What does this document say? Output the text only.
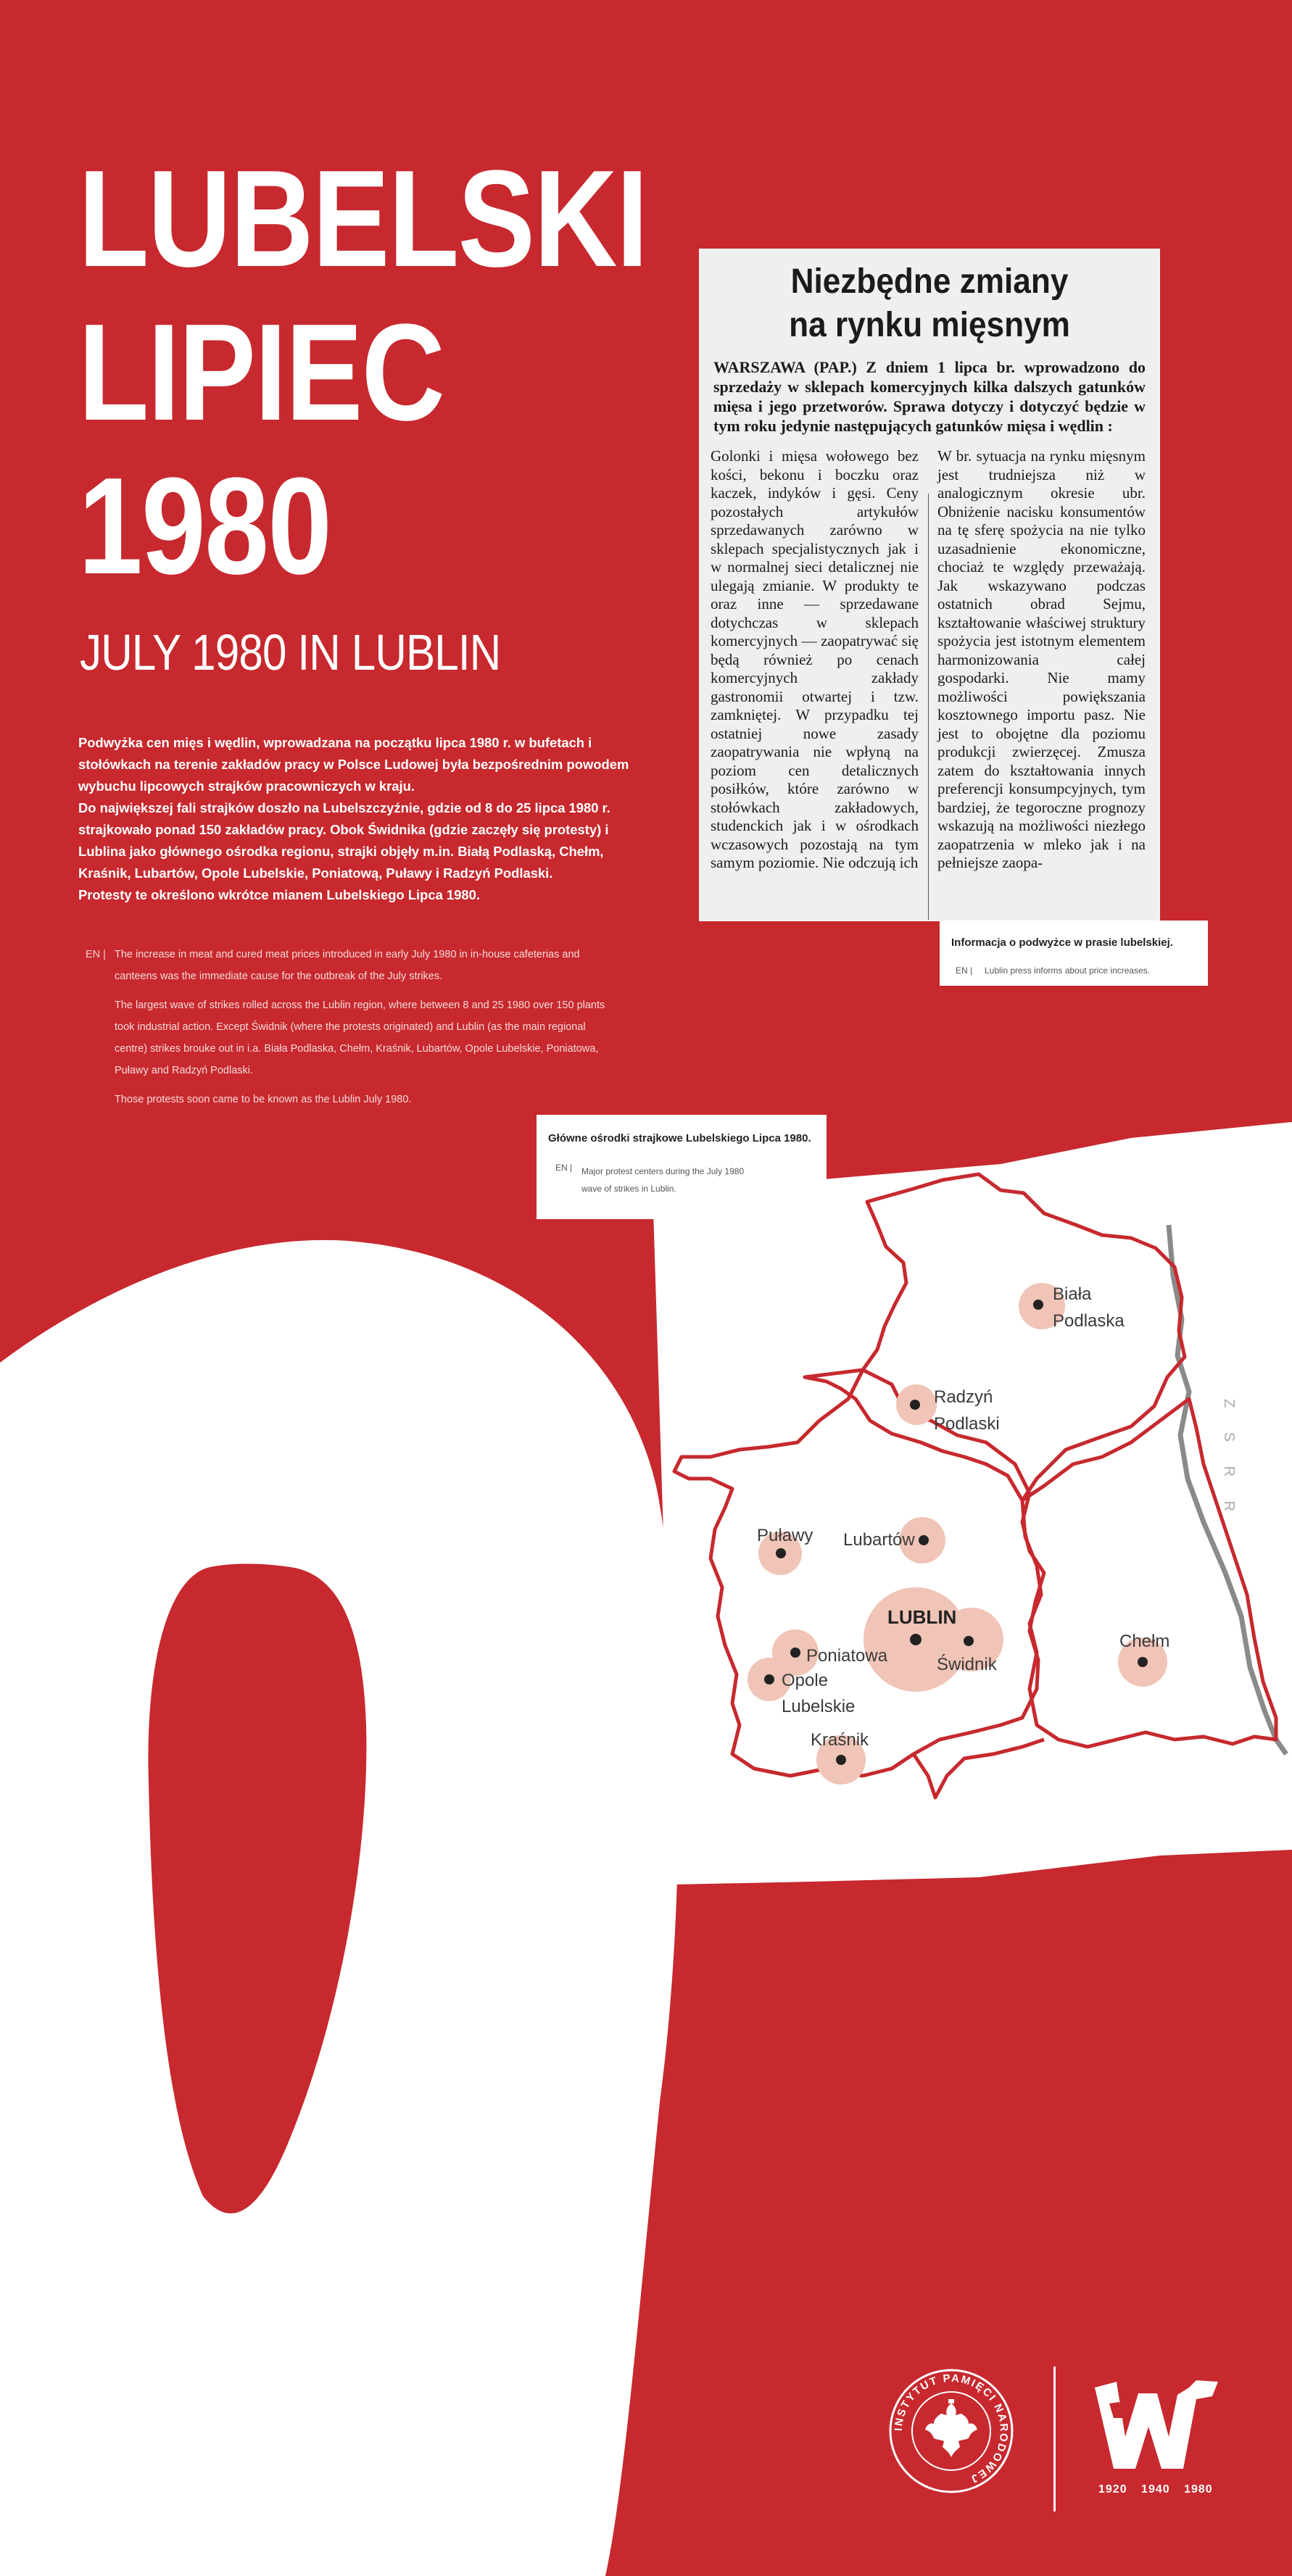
LUBELSKI
LIPIEC
1980
JULY 1980 IN LUBLIN

Podwyżka cen mięs i wędlin, wprowadzana na początku lipca 1980 r. w bufetach i stołówkach na terenie zakładów pracy w Polsce Ludowej była bezpośrednim powodem wybuchu lipcowych strajków pracowniczych w kraju.

Do największej fali strajków doszło na Lubelszczyźnie, gdzie od 8 do 25 lipca 1980 r. strajkowało ponad 150 zakładów pracy. Obok Świdnika (gdzie zaczęły się protesty) i Lublina jako głównego ośrodka regionu, strajki objęły m.in. Białą Podlaską, Chełm, Kraśnik, Lubartów, Opole Lubelskie, Poniatową, Puławy i Radzyń Podlaski.

Protesty te określono wkrótce mianem Lubelskiego Lipca 1980.

EN | The increase in meat and cured meat prices introduced in early July 1980 in in-house cafeterias and canteens was the immediate cause for the outbreak of the July strikes.

The largest wave of strikes rolled across the Lublin region, where between 8 and 25 1980 over 150 plants took industrial action. Except Świdnik (where the protests originated) and Lublin (as the main regional centre) strikes brouke out in i.a. Biała Podlaska, Chełm, Kraśnik, Lubartów, Opole Lubelskie, Poniatowa, Puławy and Radzyń Podlaski.

Those protests soon came to be known as the Lublin July 1980.

Niezbędne zmiany
na rynku mięsnym
WARSZAWA (PAP.) Z dniem 1 lipca br. wprowadzono do sprzedaży w sklepach komercyjnych kilka dalszych gatunków mięsa i jego przetworów. Sprawa dotyczy i dotyczyć będzie w tym roku jedynie następujących gatunków mięsa i wędlin :
Golonki i mięsa wołowego bez kości, bekonu i boczku oraz kaczek, indyków i gęsi. Ceny pozostałych artykułów sprzedawanych zarówno w sklepach specjalistycznych jak i w normalnej sieci detalicznej nie ulegają zmianie. W produkty te oraz inne — sprzedawane dotychczas w sklepach komercyjnych — zaopatrywać się będą również po cenach komercyjnych zakłady gastronomii otwartej i tzw. zamkniętej. W przypadku tej ostatniej nowe zasady zaopatrywania nie wpłyną na poziom cen detalicznych posiłków, które zarówno w stołówkach zakładowych, studenckich jak i w ośrodkach wczasowych pozostają na tym samym poziomie. Nie odczują ich
W br. sytuacja na rynku mięsnym jest trudniejsza niż w analogicznym okresie ubr. Obniżenie nacisku konsumentów na tę sferę spożycia na nie tylko uzasadnienie ekonomiczne, chociaż te względy przeważają. Jak wskazywano podczas ostatnich obrad Sejmu, kształtowanie właściwej struktury spożycia jest istotnym elementem harmonizowania całej gospodarki. Nie mamy możliwości powiększania kosztownego importu pasz. Nie jest to obojętne dla poziomu produkcji zwierzęcej. Zmusza zatem do kształtowania innych preferencji konsumpcyjnych, tym bardziej, że tegoroczne prognozy wskazują na możliwości niezłego zaopatrzenia w mleko jak i na pełniejsze zaopa-
Informacja o podwyżce w prasie lubelskiej.
EN | Lublin press informs about price increases.
Biała
Podlaska
Radzyń
Podlaski
Puławy Lubartów
LUBLIN
Świdnik
Poniatowa
Opole
Lubelskie
Kraśnik
Chełm
Z S R R
Główne ośrodki strajkowe Lubelskiego Lipca 1980.
EN | Major protest centers during the July 1980 wave of strikes in Lublin.
INSTYTUT PAMIĘCI NARODOWEJ
1920 1940 1980
